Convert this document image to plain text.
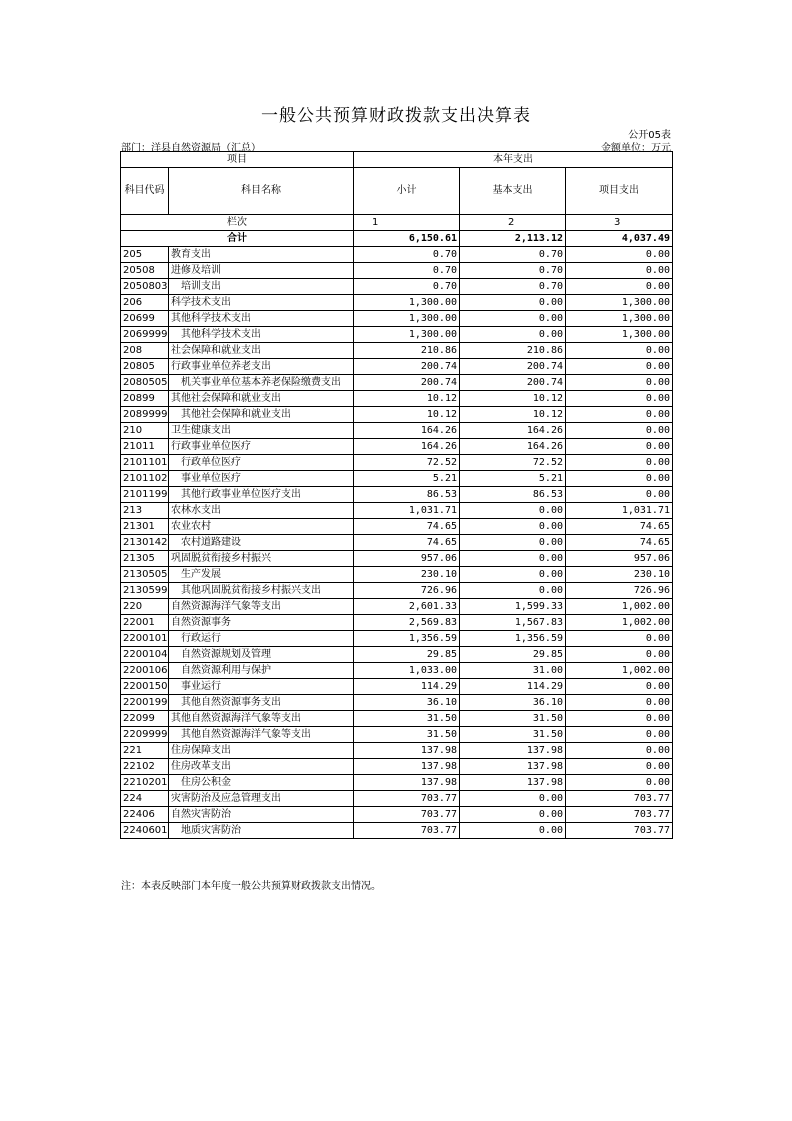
一般公共预算财政拨款支出决算表
公开05表
部门：洋县自然资源局（汇总）	金额单位：万元
项目		本年支出		
科目代码	科目名称	小计	基本支出	项目支出
栏次		1	2	3
合计		6,150.61	2,113.12	4,037.49
205	教育支出	0.70	0.70	0.00
20508	进修及培训	0.70	0.70	0.00
2050803	培训支出	0.70	0.70	0.00
206	科学技术支出	1,300.00	0.00	1,300.00
20699	其他科学技术支出	1,300.00	0.00	1,300.00
2069999	其他科学技术支出	1,300.00	0.00	1,300.00
208	社会保障和就业支出	210.86	210.86	0.00
20805	行政事业单位养老支出	200.74	200.74	0.00
2080505	机关事业单位基本养老保险缴费支出	200.74	200.74	0.00
20899	其他社会保障和就业支出	10.12	10.12	0.00
2089999	其他社会保障和就业支出	10.12	10.12	0.00
210	卫生健康支出	164.26	164.26	0.00
21011	行政事业单位医疗	164.26	164.26	0.00
2101101	行政单位医疗	72.52	72.52	0.00
2101102	事业单位医疗	5.21	5.21	0.00
2101199	其他行政事业单位医疗支出	86.53	86.53	0.00
213	农林水支出	1,031.71	0.00	1,031.71
21301	农业农村	74.65	0.00	74.65
2130142	农村道路建设	74.65	0.00	74.65
21305	巩固脱贫衔接乡村振兴	957.06	0.00	957.06
2130505	生产发展	230.10	0.00	230.10
2130599	其他巩固脱贫衔接乡村振兴支出	726.96	0.00	726.96
220	自然资源海洋气象等支出	2,601.33	1,599.33	1,002.00
22001	自然资源事务	2,569.83	1,567.83	1,002.00
2200101	行政运行	1,356.59	1,356.59	0.00
2200104	自然资源规划及管理	29.85	29.85	0.00
2200106	自然资源利用与保护	1,033.00	31.00	1,002.00
2200150	事业运行	114.29	114.29	0.00
2200199	其他自然资源事务支出	36.10	36.10	0.00
22099	其他自然资源海洋气象等支出	31.50	31.50	0.00
2209999	其他自然资源海洋气象等支出	31.50	31.50	0.00
221	住房保障支出	137.98	137.98	0.00
22102	住房改革支出	137.98	137.98	0.00
2210201	住房公积金	137.98	137.98	0.00
224	灾害防治及应急管理支出	703.77	0.00	703.77
22406	自然灾害防治	703.77	0.00	703.77
2240601	地质灾害防治	703.77	0.00	703.77
注：本表反映部门本年度一般公共预算财政拨款支出情况。
